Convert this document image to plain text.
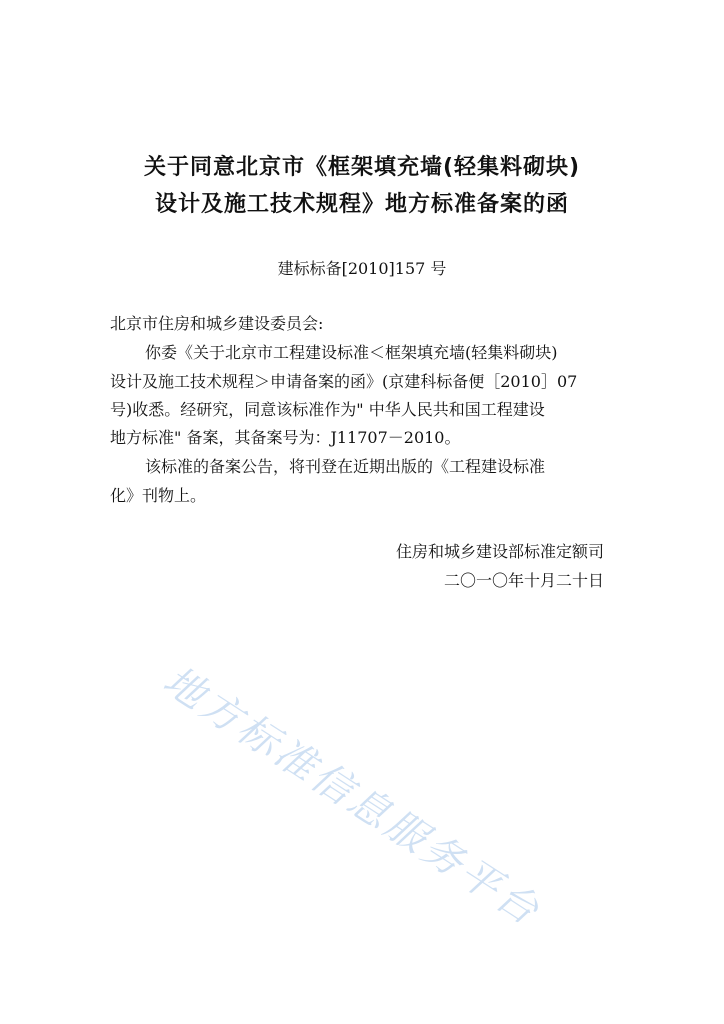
关于同意北京市《框架填充墙(轻集料砌块)
设计及施工技术规程》地方标准备案的函
建标标备[2010]157 号
北京市住房和城乡建设委员会:
你委《关于北京市工程建设标准＜框架填充墙(轻集料砌块)
设计及施工技术规程＞申请备案的函》(京建科标备便［2010］07
号)收悉。经研究，同意该标准作为" 中华人民共和国工程建设
地方标准" 备案，其备案号为：J11707－2010。
该标准的备案公告，将刊登在近期出版的《工程建设标准
化》刊物上。
住房和城乡建设部标准定额司
二〇一〇年十月二十日
地方标准信息服务平台
